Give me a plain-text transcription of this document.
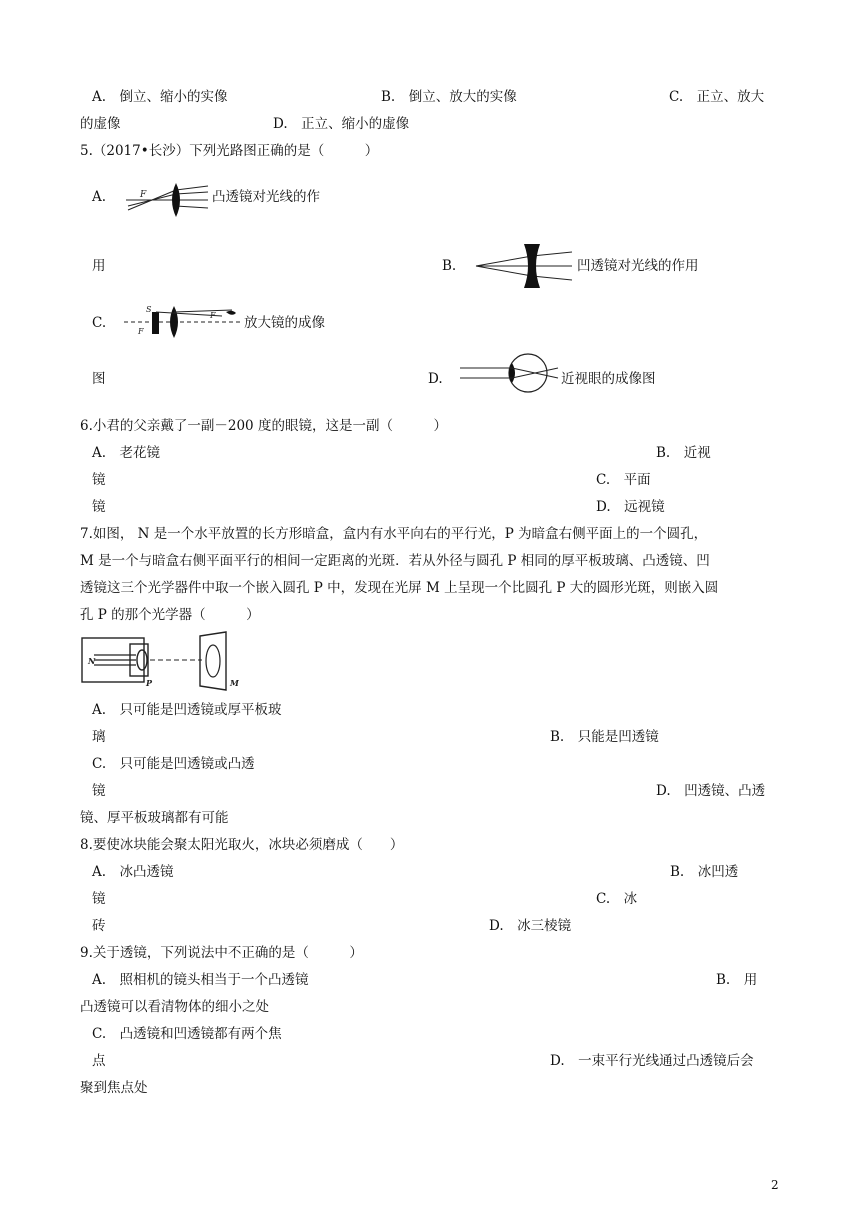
A.　倒立、缩小的实像	B.　倒立、放大的实像	C.　正立、放大
的虚像	D.　正立、缩小的虚像
5.（2017•长沙）下列光路图正确的是（　　　）
A.	F	凸透镜对光线的作
用	B.	凹透镜对光线的作用
C.
S
F
F 放大镜的成像
图	D.	近视眼的成像图
6.小君的父亲戴了一副－200 度的眼镜，这是一副（　　　）
A.　老花镜	B.　近视
镜	C.　平面
镜	D.　远视镜
7.如图， N 是一个水平放置的长方形暗盒，盒内有水平向右的平行光，P 为暗盒右侧平面上的一个圆孔，
M 是一个与暗盒右侧平面平行的相间一定距离的光斑．若从外径与圆孔 P 相同的厚平板玻璃、凸透镜、凹
透镜这三个光学器件中取一个嵌入圆孔 P 中，发现在光屏 M 上呈现一个比圆孔 P 大的圆形光斑，则嵌入圆
孔 P 的那个光学器（　　　）
N
P	M
A.　只可能是凹透镜或厚平板玻
璃	B.　只能是凹透镜
C.　只可能是凹透镜或凸透
镜	D.　凹透镜、凸透
镜、厚平板玻璃都有可能
8.要使冰块能会聚太阳光取火，冰块必须磨成（　　）
A.　冰凸透镜	B.　冰凹透
镜	C.　冰
砖	D.　冰三棱镜
9.关于透镜，下列说法中不正确的是（　　　）
A.　照相机的镜头相当于一个凸透镜	B.　用
凸透镜可以看清物体的细小之处
C.　凸透镜和凹透镜都有两个焦
点	D.　一束平行光线通过凸透镜后会
聚到焦点处
2
